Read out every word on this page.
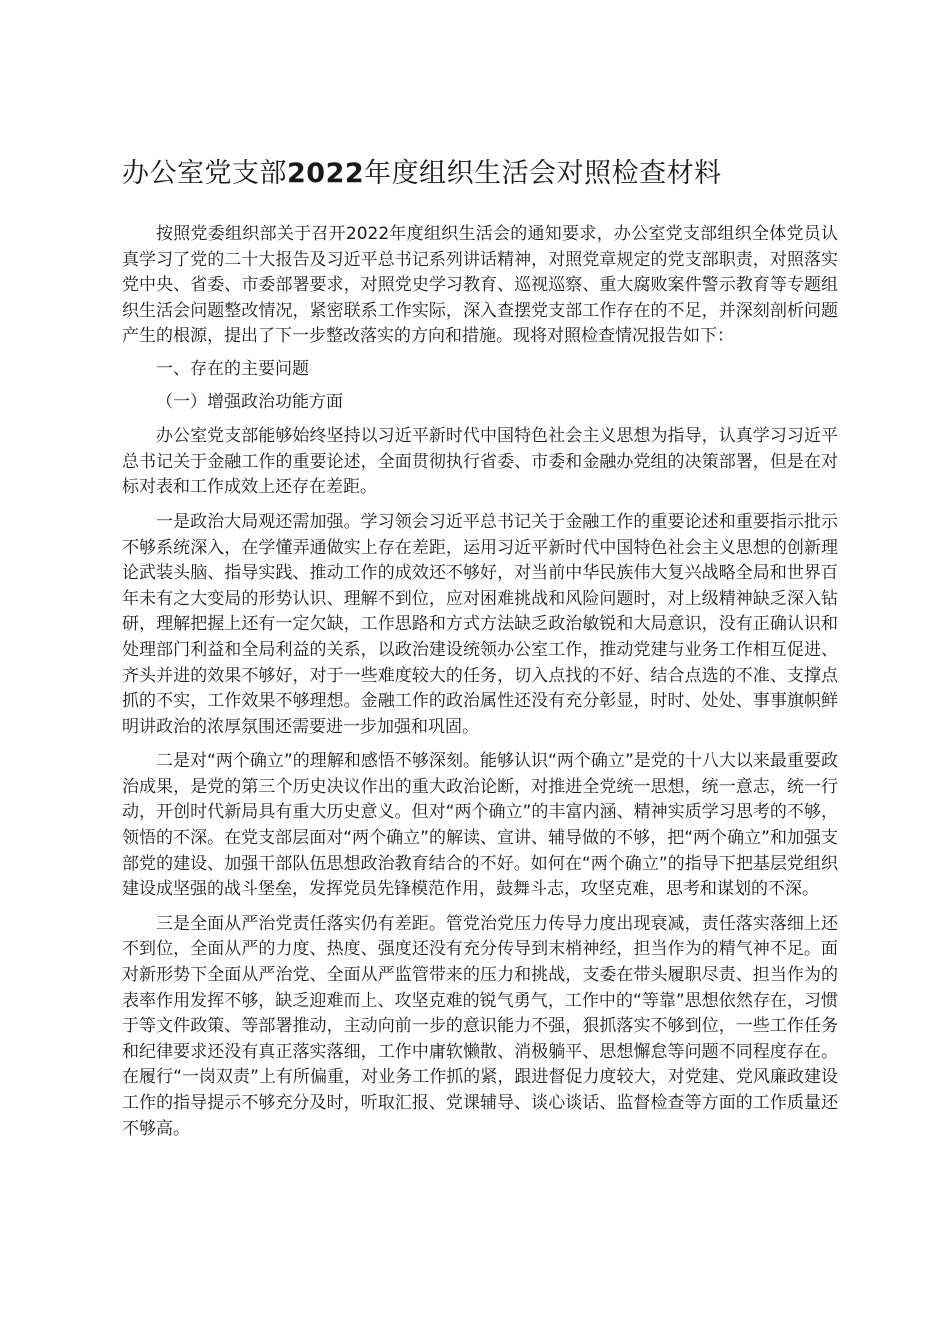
办公室党支部2022年度组织生活会对照检查材料

按照党委组织部关于召开2022年度组织生活会的通知要求，办公室党支部组织全体党员认真学习了党的二十大报告及习近平总书记系列讲话精神，对照党章规定的党支部职责，对照落实党中央、省委、市委部署要求，对照党史学习教育、巡视巡察、重大腐败案件警示教育等专题组织生活会问题整改情况，紧密联系工作实际，深入查摆党支部工作存在的不足，并深刻剖析问题产生的根源，提出了下一步整改落实的方向和措施。现将对照检查情况报告如下：

一、存在的主要问题

（一）增强政治功能方面

办公室党支部能够始终坚持以习近平新时代中国特色社会主义思想为指导，认真学习习近平总书记关于金融工作的重要论述，全面贯彻执行省委、市委和金融办党组的决策部署，但是在对标对表和工作成效上还存在差距。

一是政治大局观还需加强。学习领会习近平总书记关于金融工作的重要论述和重要指示批示不够系统深入，在学懂弄通做实上存在差距，运用习近平新时代中国特色社会主义思想的创新理论武装头脑、指导实践、推动工作的成效还不够好，对当前中华民族伟大复兴战略全局和世界百年未有之大变局的形势认识、理解不到位，应对困难挑战和风险问题时，对上级精神缺乏深入钻研，理解把握上还有一定欠缺，工作思路和方式方法缺乏政治敏锐和大局意识，没有正确认识和处理部门利益和全局利益的关系，以政治建设统领办公室工作，推动党建与业务工作相互促进、齐头并进的效果不够好，对于一些难度较大的任务，切入点找的不好、结合点选的不准、支撑点抓的不实，工作效果不够理想。金融工作的政治属性还没有充分彰显，时时、处处、事事旗帜鲜明讲政治的浓厚氛围还需要进一步加强和巩固。

二是对“两个确立”的理解和感悟不够深刻。能够认识“两个确立”是党的十八大以来最重要政治成果，是党的第三个历史决议作出的重大政治论断，对推进全党统一思想，统一意志，统一行动，开创时代新局具有重大历史意义。但对“两个确立”的丰富内涵、精神实质学习思考的不够，领悟的不深。在党支部层面对“两个确立”的解读、宣讲、辅导做的不够，把“两个确立”和加强支部党的建设、加强干部队伍思想政治教育结合的不好。如何在“两个确立”的指导下把基层党组织建设成坚强的战斗堡垒，发挥党员先锋模范作用，鼓舞斗志，攻坚克难，思考和谋划的不深。

三是全面从严治党责任落实仍有差距。管党治党压力传导力度出现衰减，责任落实落细上还不到位，全面从严的力度、热度、强度还没有充分传导到末梢神经，担当作为的精气神不足。面对新形势下全面从严治党、全面从严监管带来的压力和挑战，支委在带头履职尽责、担当作为的表率作用发挥不够，缺乏迎难而上、攻坚克难的锐气勇气，工作中的“等靠”思想依然存在，习惯于等文件政策、等部署推动，主动向前一步的意识能力不强，狠抓落实不够到位，一些工作任务和纪律要求还没有真正落实落细，工作中庸软懒散、消极躺平、思想懈怠等问题不同程度存在。在履行“一岗双责”上有所偏重，对业务工作抓的紧，跟进督促力度较大，对党建、党风廉政建设工作的指导提示不够充分及时，听取汇报、党课辅导、谈心谈话、监督检查等方面的工作质量还不够高。
